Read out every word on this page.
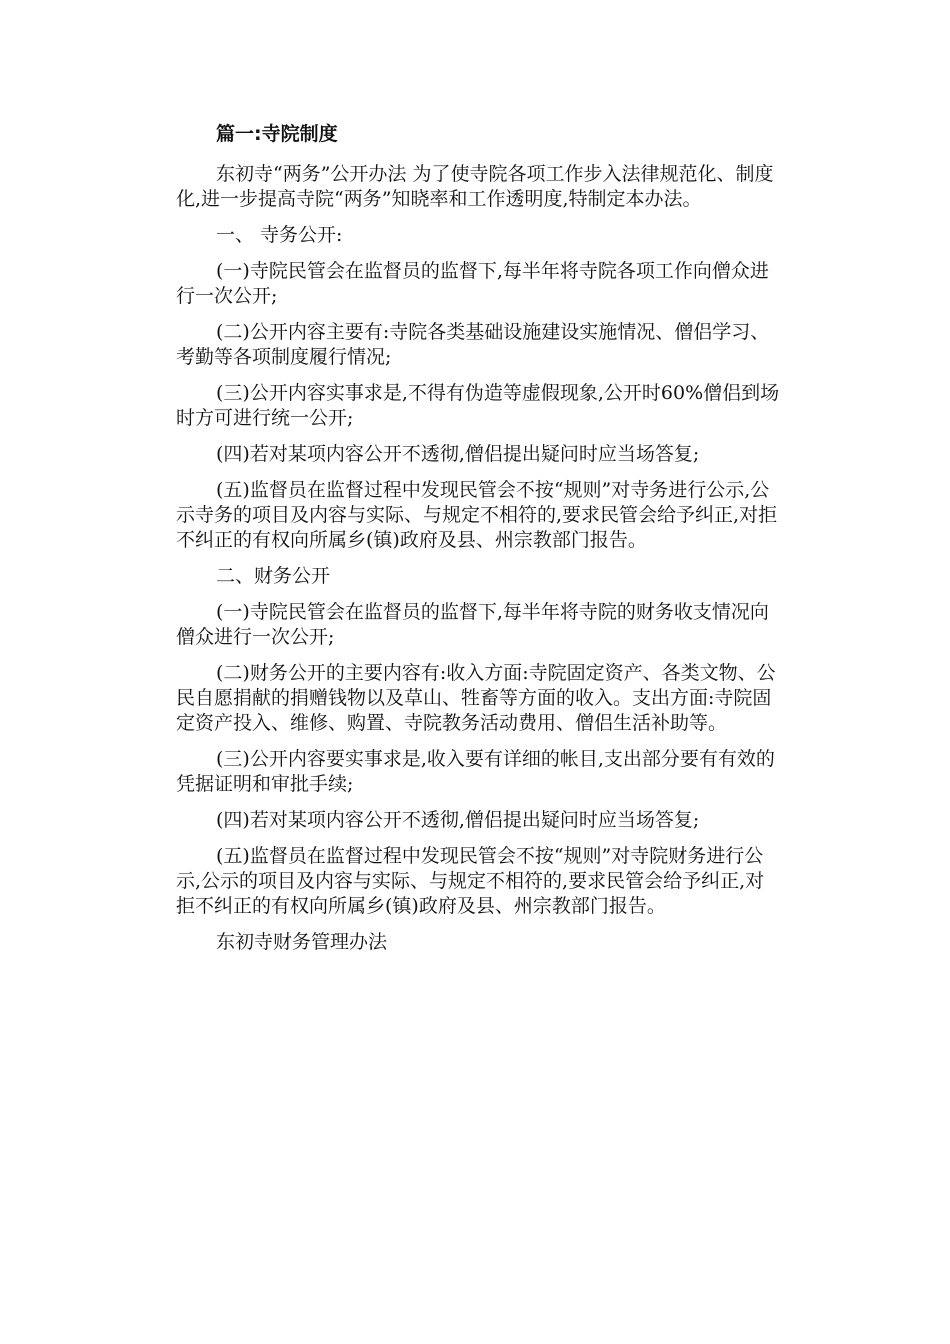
篇一:寺院制度

东初寺“两务”公开办法 为了使寺院各项工作步入法律规范化、制度化,进一步提高寺院“两务”知晓率和工作透明度,特制定本办法。

一、 寺务公开:

(一)寺院民管会在监督员的监督下,每半年将寺院各项工作向僧众进行一次公开;

(二)公开内容主要有:寺院各类基础设施建设实施情况、僧侣学习、考勤等各项制度履行情况;

(三)公开内容实事求是,不得有伪造等虚假现象,公开时60%僧侣到场时方可进行统一公开;

(四)若对某项内容公开不透彻,僧侣提出疑问时应当场答复;

(五)监督员在监督过程中发现民管会不按“规则”对寺务进行公示,公示寺务的项目及内容与实际、与规定不相符的,要求民管会给予纠正,对拒不纠正的有权向所属乡(镇)政府及县、州宗教部门报告。

二、财务公开

(一)寺院民管会在监督员的监督下,每半年将寺院的财务收支情况向僧众进行一次公开;

(二)财务公开的主要内容有:收入方面:寺院固定资产、各类文物、公民自愿捐献的捐赠钱物以及草山、牲畜等方面的收入。支出方面:寺院固定资产投入、维修、购置、寺院教务活动费用、僧侣生活补助等。

(三)公开内容要实事求是,收入要有详细的帐目,支出部分要有有效的凭据证明和审批手续;

(四)若对某项内容公开不透彻,僧侣提出疑问时应当场答复;

(五)监督员在监督过程中发现民管会不按“规则”对寺院财务进行公示,公示的项目及内容与实际、与规定不相符的,要求民管会给予纠正,对拒不纠正的有权向所属乡(镇)政府及县、州宗教部门报告。

东初寺财务管理办法
